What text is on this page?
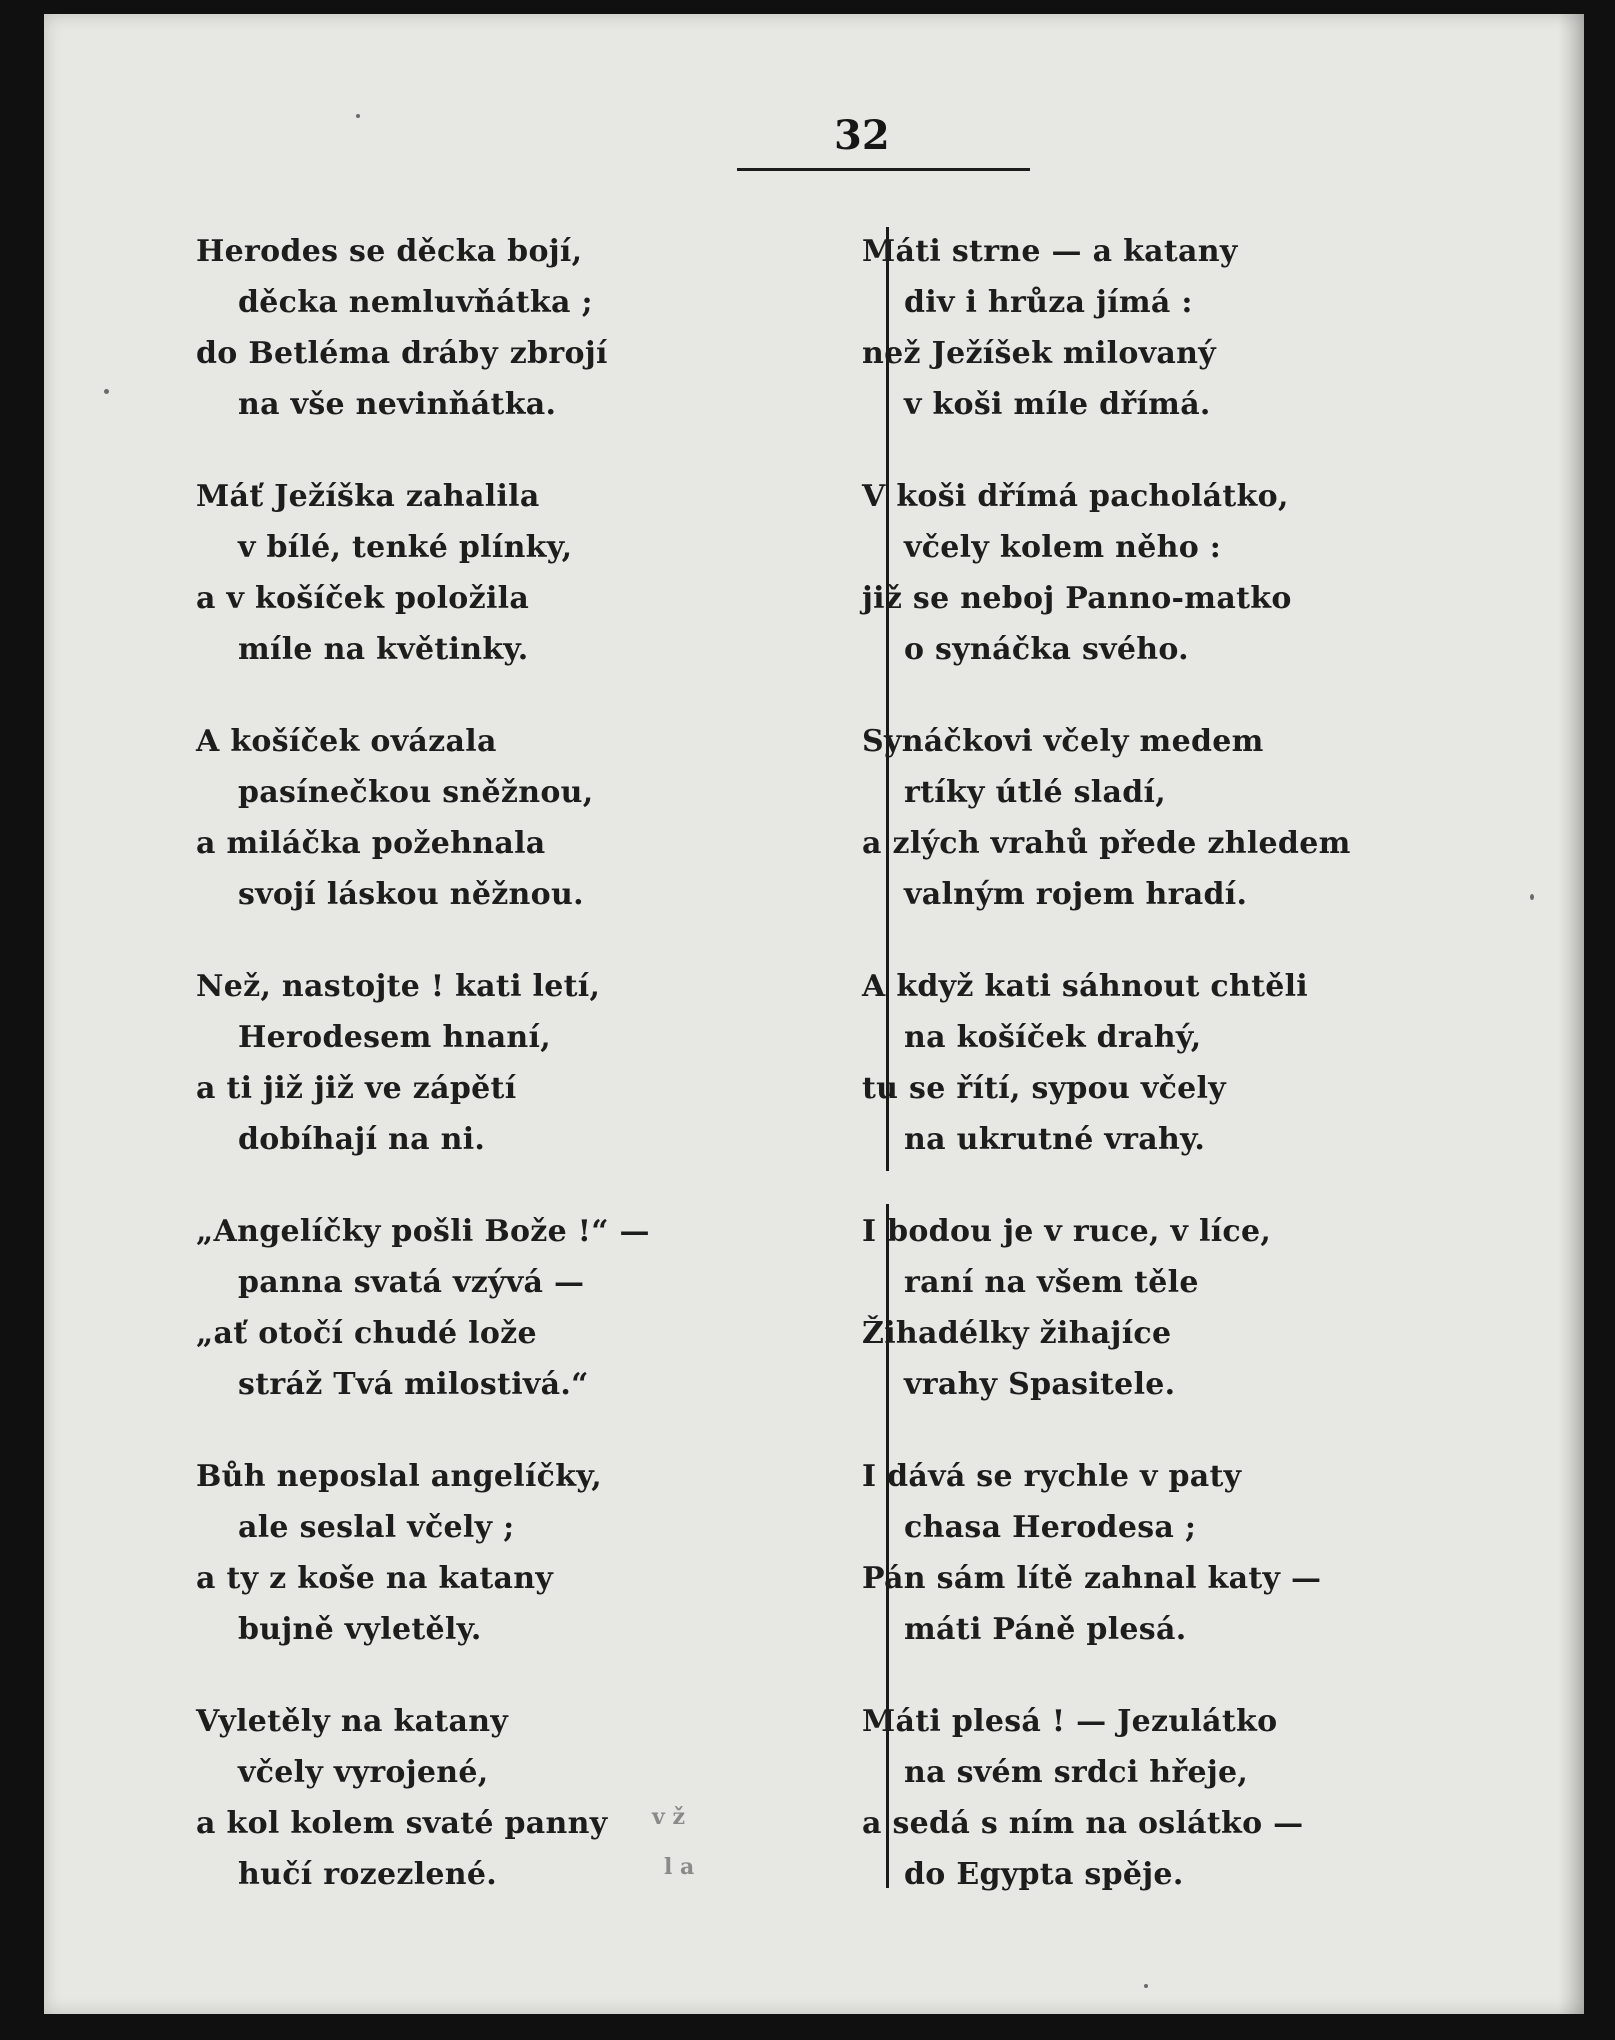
32
Herodes se děcka bojí,
děcka nemluvňátka ;
do Betléma drábу zbrojí
na vše nevinňátka.
Máť Ježíška zahalila
v bílé, tenké plínky,
a v košíček položila
míle na květinky.
A košíček ovázala
pasínečkou sněžnou,
a miláčka požehnala
svojí láskou něžnou.
Než, nastojte ! kati letí,
Herodesem hnaní,
a ti již již ve zápětí
dobíhají na ni.
„Angelíčky pošli Bože !“ —
panna svatá vzývá —
„ať otočí chudé lože
stráž Tvá milostivá.“
Bůh neposlal angelíčky,
ale seslal včely ;
a ty z koše na katany
bujně vyletěly.
Vyletěly na katany
včely vyrojené,
a kol kolem svaté panny
hučí rozezlené.
Máti strne — a katany
div i hrůza jímá :
než Ježíšek milovaný
v koši míle dřímá.
V koši dřímá pacholátko,
včely kolem něho :
již se neboj Panno-matko
o synáčka svého.
Synáčkovi včely medem
rtíky útlé sladí,
a zlých vrahů přede zhledem
valným rojem hradí.
A když kati sáhnout chtěli
na košíček drahý,
tu se řítí, sypou včely
na ukrutné vrahy.
I bodou je v ruce, v líce,
raní na všem těle
Žihadélky žihajíce
vrahy Spasitele.
I dává se rychle v paty
chasa Herodesa ;
Pán sám lítě zahnal katy —
máti Páně plesá.
Máti plesá ! — Jezulátko
na svém srdci hřeje,
a sedá s ním na oslátko —
do Egypta spěje.
v ž
l a
